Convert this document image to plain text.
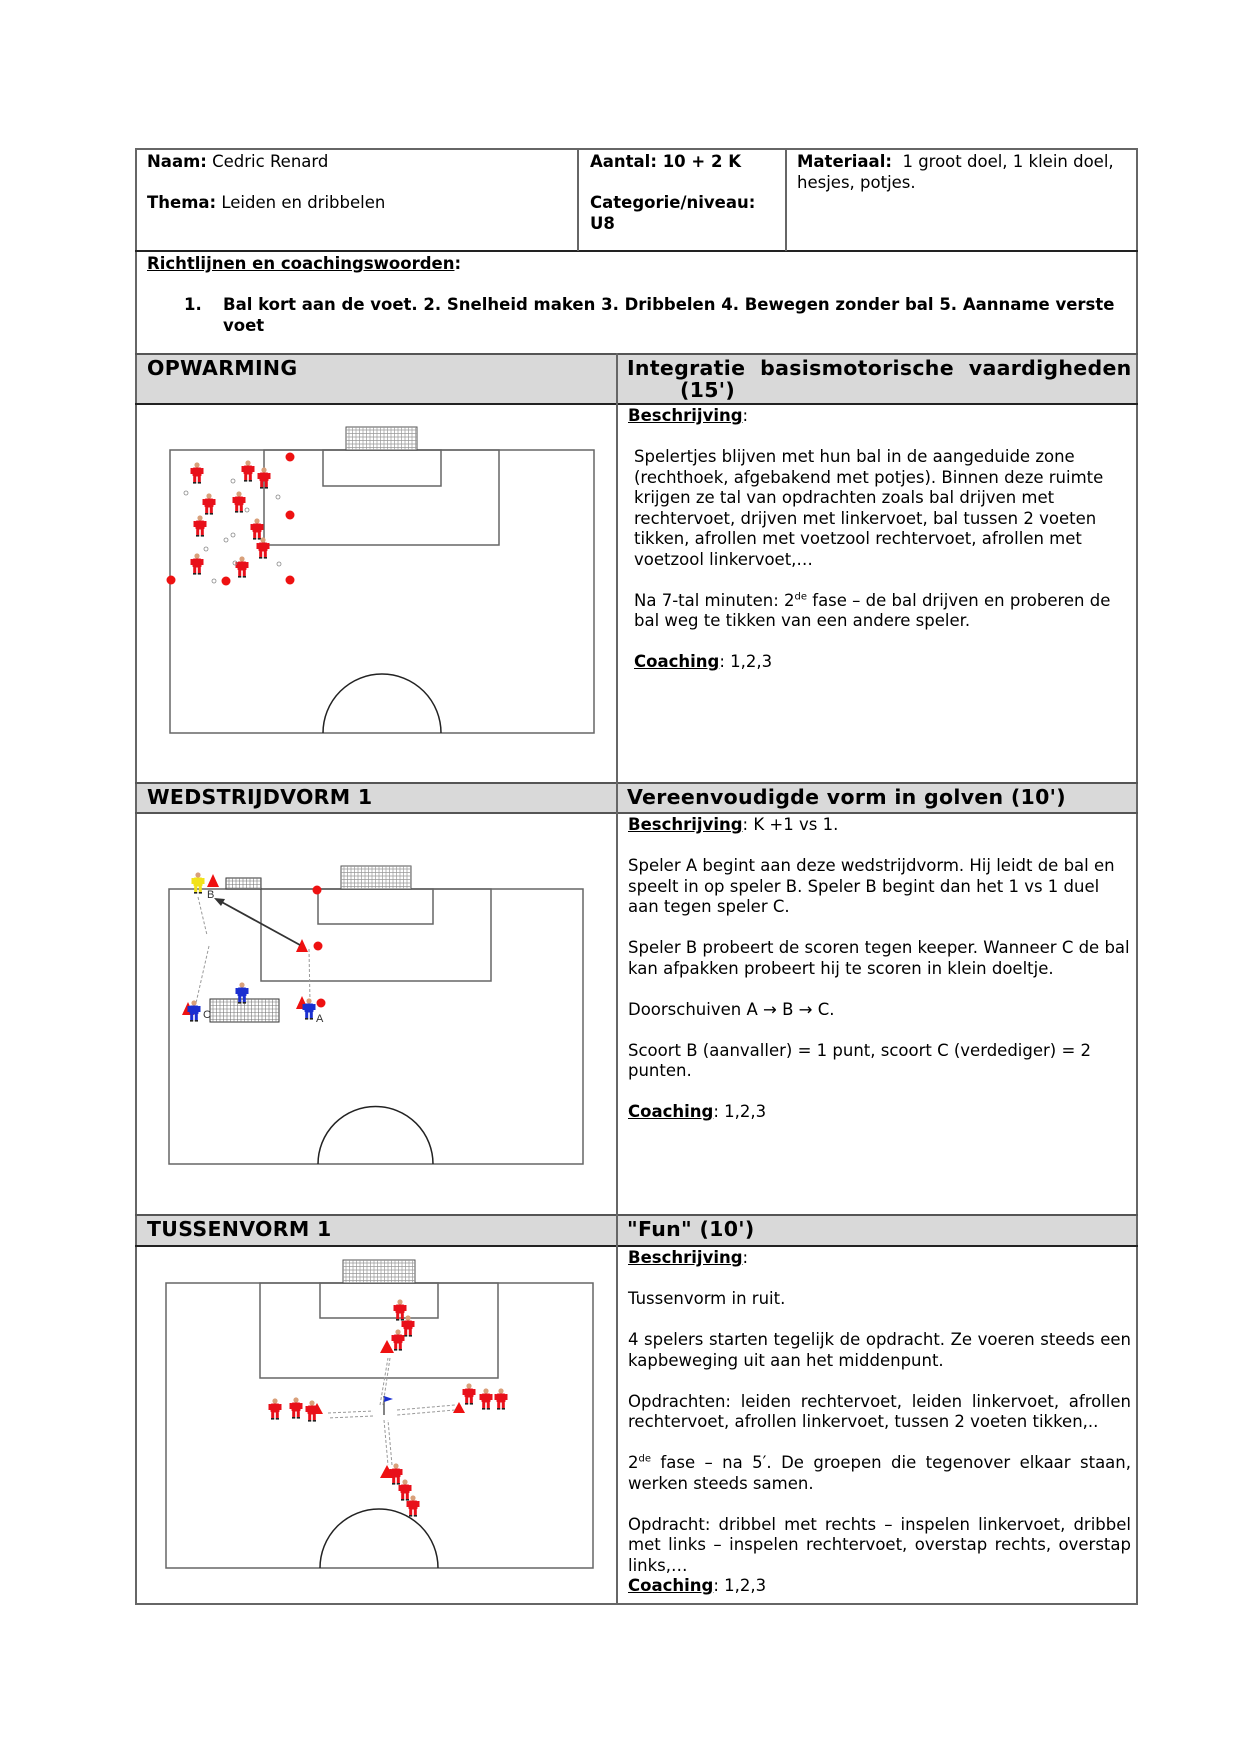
Naam: Cedric Renard

Thema: Leiden en dribbelen

Aantal: 10 + 2 K

Categorie/niveau:

U8

Materiaal: 1 groot doel, 1 klein doel, hesjes, potjes.

Richtlijnen en coachingswoorden:

1. Bal kort aan de voet. 2. Snelheid maken 3. Dribbelen 4. Bewegen zonder bal 5. Aanname verste voet
OPWARMING	Integratie  basismotorische  vaardigheden
(15')

Beschrijving:

Spelertjes blijven met hun bal in de aangeduide zone (rechthoek, afgebakend met potjes). Binnen deze ruimte krijgen ze tal van opdrachten zoals bal drijven met rechtervoet, drijven met linkervoet, bal tussen 2 voeten tikken, afrollen met voetzool rechtervoet, afrollen met voetzool linkervoet,…

Na 7-tal minuten: 2de fase – de bal drijven en proberen de bal weg te tikken van een andere speler.

Coaching: 1,2,3

WEDSTRIJDVORM 1	Vereenvoudigde vorm in golven (10')

Beschrijving: K +1 vs 1.

Speler A begint aan deze wedstrijdvorm. Hij leidt de bal en speelt in op speler B. Speler B begint dan het 1 vs 1 duel aan tegen speler C.

Speler B probeert de scoren tegen keeper. Wanneer C de bal kan afpakken probeert hij te scoren in klein doeltje.

Doorschuiven A → B → C.

Scoort B (aanvaller) = 1 punt, scoort C (verdediger) = 2 punten.

Coaching: 1,2,3

B
C	A
TUSSENVORM 1	"Fun" (10')

Beschrijving:

Tussenvorm in ruit.

4 spelers starten tegelijk de opdracht. Ze voeren steeds een kapbeweging uit aan het middenpunt.

Opdrachten: leiden rechtervoet, leiden linkervoet, afrollen rechtervoet, afrollen linkervoet, tussen 2 voeten tikken,..

2de fase – na 5′. De groepen die tegenover elkaar staan, werken steeds samen.

Opdracht: dribbel met rechts – inspelen linkervoet, dribbel met links – inspelen rechtervoet, overstap rechts, overstap links,…

Coaching: 1,2,3
